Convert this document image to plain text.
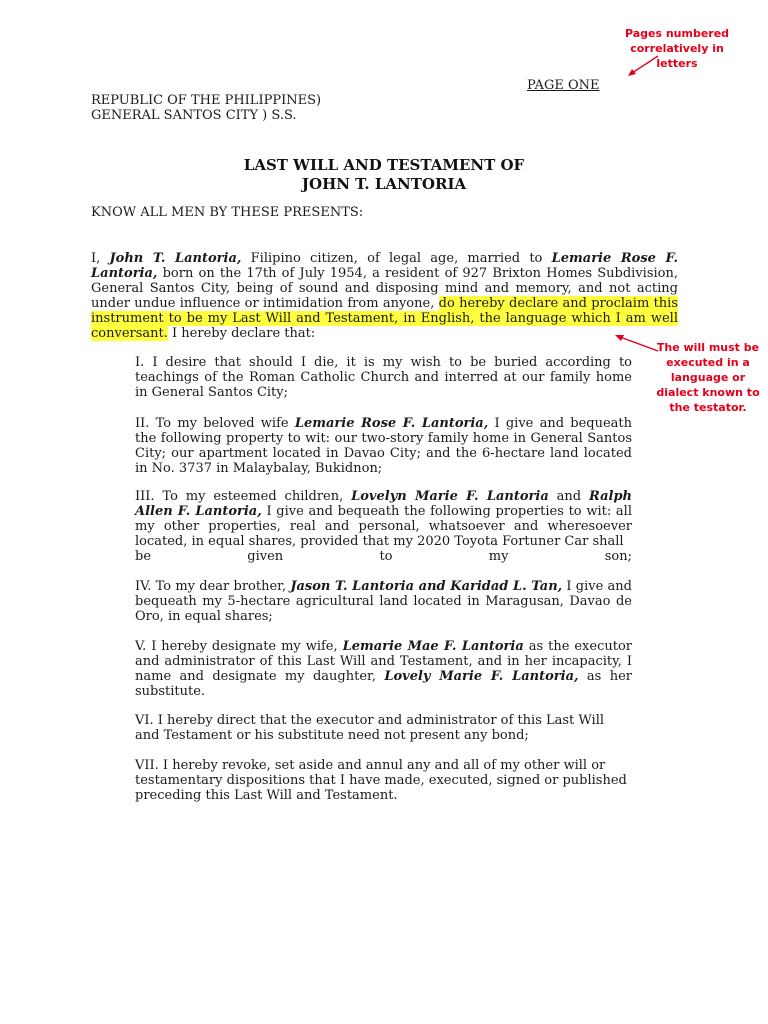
Pages numbered correlatively in letters
The will must be executed in a language or dialect known to the testator.
PAGE ONE
REPUBLIC OF THE PHILIPPINES)
GENERAL SANTOS CITY ) S.S.
LAST WILL AND TESTAMENT OF
JOHN T. LANTORIA
KNOW ALL MEN BY THESE PRESENTS:
I, John T. Lantoria, Filipino citizen, of legal age, married to Lemarie Rose F. Lantoria, born on the 17th of July 1954, a resident of 927 Brixton Homes Subdivision, General Santos City, being of sound and disposing mind and memory, and not acting under undue influence or intimidation from anyone, do hereby declare and proclaim this instrument to be my Last Will and Testament, in English, the language which I am well conversant. I hereby declare that:
I. I desire that should I die, it is my wish to be buried according to teachings of the Roman Catholic Church and interred at our family home in General Santos City;
II. To my beloved wife Lemarie Rose F. Lantoria, I give and bequeath the following property to wit: our two-story family home in General Santos City; our apartment located in Davao City; and the 6-hectare land located in No. 3737 in Malaybalay, Bukidnon;
III. To my esteemed children, Lovelyn Marie F. Lantoria and Ralph Allen F. Lantoria, I give and bequeath the following properties to wit: all my other properties, real and personal, whatsoever and wheresoever located, in equal shares, provided that my 2020 Toyota Fortuner Car shall
be given to my son;
IV. To my dear brother, Jason T. Lantoria and Karidad L. Tan, I give and bequeath my 5-hectare agricultural land located in Maragusan, Davao de Oro, in equal shares;
V. I hereby designate my wife, Lemarie Mae F. Lantoria as the executor and administrator of this Last Will and Testament, and in her incapacity, I name and designate my daughter, Lovely Marie F. Lantoria, as her substitute.
VI. I hereby direct that the executor and administrator of this Last Will and Testament or his substitute need not present any bond;
VII. I hereby revoke, set aside and annul any and all of my other will or testamentary dispositions that I have made, executed, signed or published preceding this Last Will and Testament.
